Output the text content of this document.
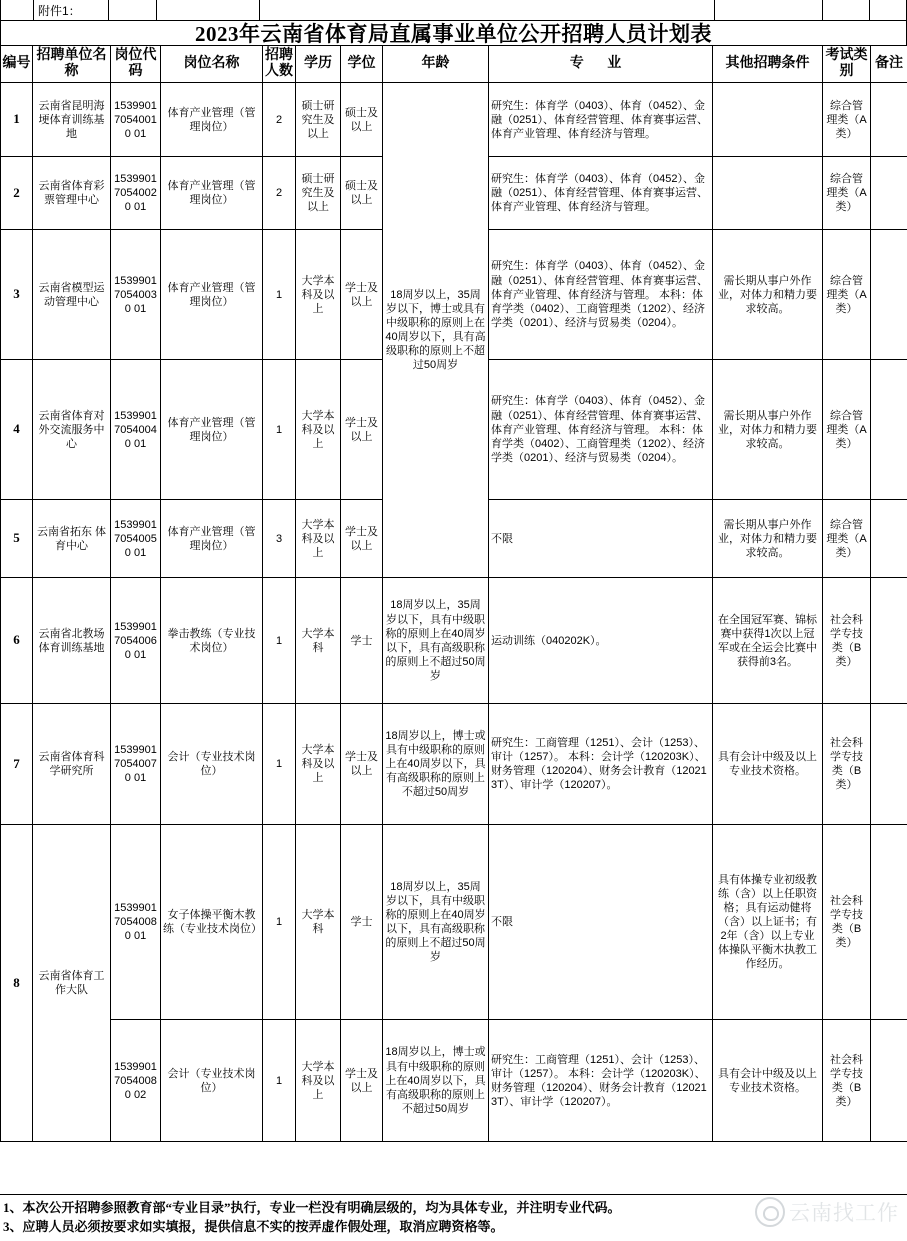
附件1：
2023年云南省体育局直属事业单位公开招聘人员计划表
编号	招聘单位名称	岗位代码	岗位名称	招聘人数	学历	学位	年龄	专 业	其他招聘条件	考试类别	备注
1	云南省昆明海埂体育训练基地	153990170540010 01	体育产业管理（管理岗位）	2	硕士研究生及以上	硕士及以上	18周岁以上，35周岁以下，博士或具有中级职称的原则上在40周岁以下，具有高级职称的原则上不超过50周岁	研究生：体育学（0403）、体育（0452）、金融（0251）、体育经营管理、体育赛事运营、体育产业管理、体育经济与管理。		综合管理类（A类）	
2	云南省体育彩票管理中心	153990170540020 01	体育产业管理（管理岗位）	2	硕士研究生及以上	硕士及以上		研究生：体育学（0403）、体育（0452）、金融（0251）、体育经营管理、体育赛事运营、体育产业管理、体育经济与管理。		综合管理类（A类）	
3	云南省模型运动管理中心	153990170540030 01	体育产业管理（管理岗位）	1	大学本科及以上	学士及以上		研究生：体育学（0403）、体育（0452）、金融（0251）、体育经营管理、体育赛事运营、体育产业管理、体育经济与管理。 本科：体育学类（0402）、工商管理类（1202）、经济学类（0201）、经济与贸易类（0204）。	需长期从事户外作业，对体力和精力要求较高。	综合管理类（A类）	
4	云南省体育对外交流服务中心	153990170540040 01	体育产业管理（管理岗位）	1	大学本科及以上	学士及以上		研究生：体育学（0403）、体育（0452）、金融（0251）、体育经营管理、体育赛事运营、体育产业管理、体育经济与管理。 本科：体育学类（0402）、工商管理类（1202）、经济学类（0201）、经济与贸易类（0204）。	需长期从事户外作业，对体力和精力要求较高。	综合管理类（A类）	
5	云南省拓东 体育中心	153990170540050 01	体育产业管理（管理岗位）	3	大学本科及以上	学士及以上		不限	需长期从事户外作业，对体力和精力要求较高。	综合管理类（A类）	
6	云南省北教场 体育训练基地	153990170540060 01	拳击教练（专业技术岗位）	1	大学本科	学士	18周岁以上，35周岁以下，具有中级职称的原则上在40周岁以下，具有高级职称的原则上不超过50周岁	运动训练（040202K）。	在全国冠军赛、锦标赛中获得1次以上冠军或在全运会比赛中获得前3名。	社会科学专技类（B类）	
7	云南省体育科学研究所	153990170540070 01	会计（专业技术岗位）	1	大学本科及以上	学士及以上	18周岁以上，博士或具有中级职称的原则上在40周岁以下，具有高级职称的原则上不超过50周岁	研究生：工商管理（1251）、会计（1253）、审计（1257）。 本科：会计学（120203K）、财务管理（120204）、财务会计教育（120213T）、审计学（120207）。	具有会计中级及以上专业技术资格。	社会科学专技类（B类）	
8	云南省体育工作大队	153990170540080 01	女子体操平衡木教练（专业技术岗位）	1	大学本科	学士	18周岁以上，35周岁以下，具有中级职称的原则上在40周岁以下，具有高级职称的原则上不超过50周岁	不限	具有体操专业初级教练（含）以上任职资格；具有运动健将（含）以上证书；有2年（含）以上专业体操队平衡木执教工作经历。	社会科学专技类（B类）	
		153990170540080 02	会计（专业技术岗位）	1	大学本科及以上	学士及以上	18周岁以上，博士或具有中级职称的原则上在40周岁以下，具有高级职称的原则上不超过50周岁	研究生：工商管理（1251）、会计（1253）、审计（1257）。 本科：会计学（120203K）、财务管理（120204）、财务会计教育（120213T）、审计学（120207）。	具有会计中级及以上专业技术资格。	社会科学专技类（B类）	
1、本次公开招聘参照教育部“专业目录”执行，专业一栏没有明确层级的，均为具体专业，并注明专业代码。
3、应聘人员必须按要求如实填报，提供信息不实的按弄虚作假处理，取消应聘资格等。
云南找工作
